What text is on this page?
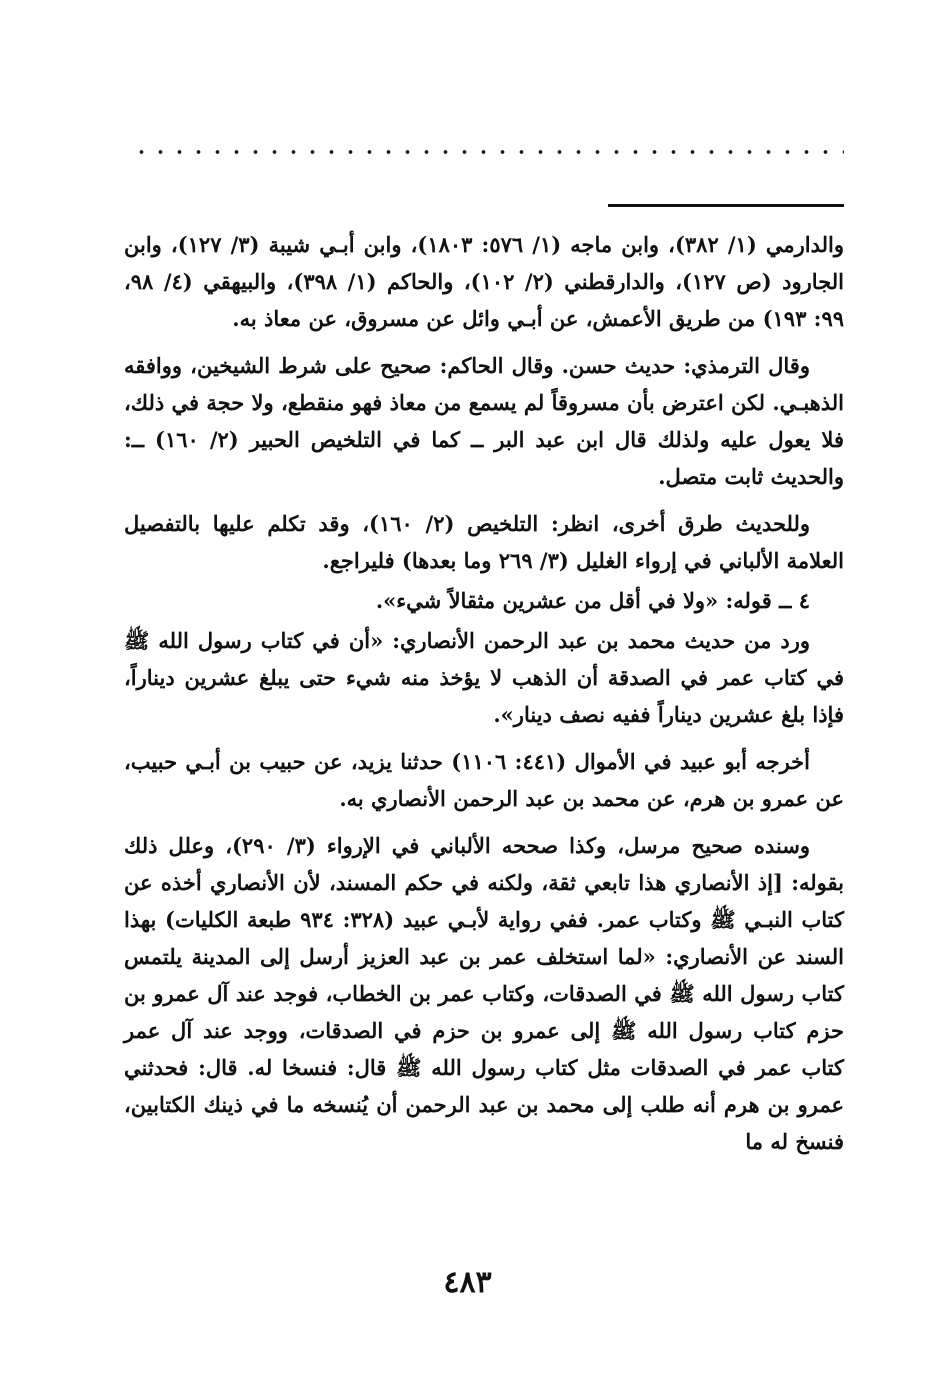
والدارمي (١/ ٣٨٢)، وابن ماجه (١/ ٥٧٦: ١٨٠٣)، وابن أبـي شيبة (٣/ ١٢٧)، وابن الجارود (ص ١٢٧)، والدارقطني (٢/ ١٠٢)، والحاكم (١/ ٣٩٨)، والبيهقي (٤/ ٩٨، ٩٩: ١٩٣) من طريق الأعمش، عن أبـي وائل عن مسروق، عن معاذ به.

وقال الترمذي: حديث حسن. وقال الحاكم: صحيح على شرط الشيخين، ووافقه الذهبـي. لكن اعترض بأن مسروقاً لم يسمع من معاذ فهو منقطع، ولا حجة في ذلك، فلا يعول عليه ولذلك قال ابن عبد البر ــ كما في التلخيص الحبير (٢/ ١٦٠) ــ: والحديث ثابت متصل.

وللحديث طرق أخرى، انظر: التلخيص (٢/ ١٦٠)، وقد تكلم عليها بالتفصيل العلامة الألباني في إرواء الغليل (٣/ ٢٦٩ وما بعدها) فليراجع.

٤ ــ قوله: «ولا في أقل من عشرين مثقالاً شيء».

ورد من حديث محمد بن عبد الرحمن الأنصاري: «أن في كتاب رسول الله ﷺ في كتاب عمر في الصدقة أن الذهب لا يؤخذ منه شيء حتى يبلغ عشرين ديناراً، فإذا بلغ عشرين ديناراً ففيه نصف دينار».

أخرجه أبو عبيد في الأموال (٤٤١: ١١٠٦) حدثنا يزيد، عن حبيب بن أبـي حبيب، عن عمرو بن هرم، عن محمد بن عبد الرحمن الأنصاري به.

وسنده صحيح مرسل، وكذا صححه الألباني في الإرواء (٣/ ٢٩٠)، وعلل ذلك بقوله: [إذ الأنصاري هذا تابعي ثقة، ولكنه في حكم المسند، لأن الأنصاري أخذه عن كتاب النبـي ﷺ وكتاب عمر. ففي رواية لأبـي عبيد (٣٢٨: ٩٣٤ طبعة الكليات) بهذا السند عن الأنصاري: «لما استخلف عمر بن عبد العزيز أرسل إلى المدينة يلتمس كتاب رسول الله ﷺ في الصدقات، وكتاب عمر بن الخطاب، فوجد عند آل عمرو بن حزم كتاب رسول الله ﷺ إلى عمرو بن حزم في الصدقات، ووجد عند آل عمر كتاب عمر في الصدقات مثل كتاب رسول الله ﷺ قال: فنسخا له. قال: فحدثني عمرو بن هرم أنه طلب إلى محمد بن عبد الرحمن أن يُنسخه ما في ذينك الكتابين، فنسخ له ما

٤٨٣
